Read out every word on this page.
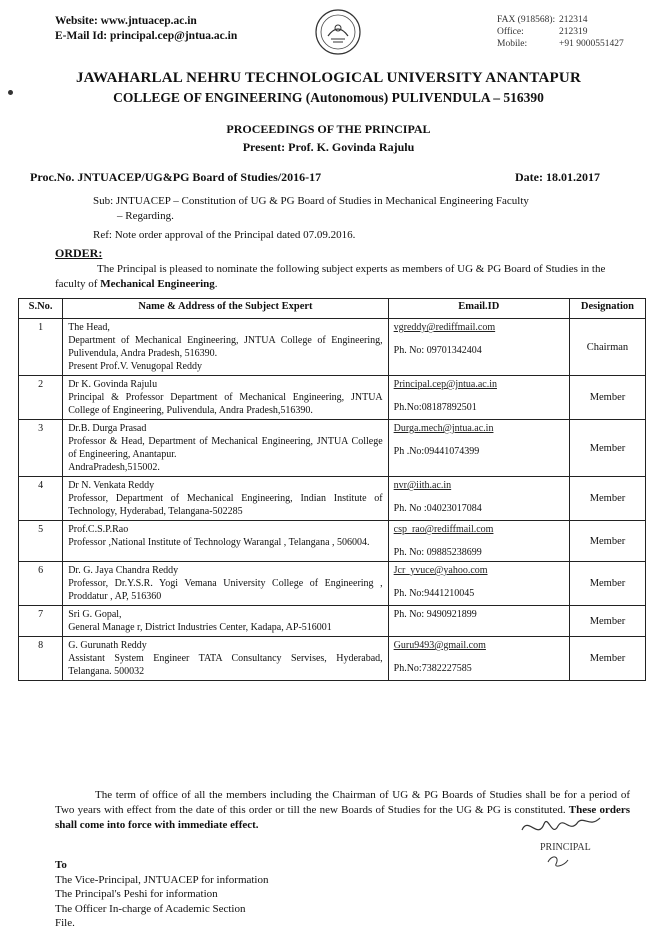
Website: www.jntuacep.ac.in
E-Mail Id: principal.cep@jntua.ac.in
FAX (918568): 212314
Office:	212319
Mobile:	+91 9000551427
JAWAHARLAL NEHRU TECHNOLOGICAL UNIVERSITY ANANTAPUR
COLLEGE OF ENGINEERING (Autonomous) PULIVENDULA – 516390
PROCEEDINGS OF THE PRINCIPAL
Present: Prof. K. Govinda Rajulu
Proc.No. JNTUACEP/UG&PG Board of Studies/2016-17	Date: 18.01.2017
Sub: JNTUACEP – Constitution of UG & PG Board of Studies in Mechanical Engineering Faculty
– Regarding.
Ref: Note order approval of the Principal dated 07.09.2016.
ORDER:
The Principal is pleased to nominate the following subject experts as members of UG & PG Board of Studies in the faculty of Mechanical Engineering.
S.No.	Name & Address of the Subject Expert	Email.ID	Designation
1	The Head,
Department of Mechanical Engineering, JNTUA College of Engineering, Pulivendula, Andra Pradesh, 516390.
Present Prof.V. Venugopal Reddy	vgreddy@rediffmail.com
Ph. No: 09701342404	Chairman
2	Dr K. Govinda Rajulu
Principal & Professor Department of Mechanical Engineering, JNTUA College of Engineering, Pulivendula, Andra Pradesh,516390.	Principal.cep@jntua.ac.in
Ph.No:08187892501	Member
3	Dr.B. Durga Prasad
Professor & Head, Department of Mechanical Engineering, JNTUA College of Engineering, Anantapur.
AndraPradesh,515002.	Durga.mech@jntua.ac.in
Ph .No:09441074399	Member
4	Dr N. Venkata Reddy
Professor, Department of Mechanical Engineering, Indian Institute of Technology, Hyderabad, Telangana-502285	nvr@iith.ac.in
Ph. No :04023017084	Member
5	Prof.C.S.P.Rao
Professor ,National Institute of Technology Warangal , Telangana , 506004.	csp_rao@rediffmail.com
Ph. No: 09885238699	Member
6	Dr. G. Jaya Chandra Reddy
Professor, Dr.Y.S.R. Yogi Vemana University College of Engineering , Proddatur , AP, 516360	Jcr_yvuce@yahoo.com
Ph. No:9441210045	Member
7	Sri G. Gopal,
General Manage r, District Industries Center, Kadapa, AP-516001	Ph. No: 9490921899	Member
8	G. Gurunath Reddy
Assistant System Engineer TATA Consultancy Servises, Hyderabad, Telangana. 500032	Guru9493@gmail.com
Ph.No:7382227585	Member
The term of office of all the members including the Chairman of UG & PG Boards of Studies shall be for a period of Two years with effect from the date of this order or till the new Boards of Studies for the UG & PG is constituted. These orders shall come into force with immediate effect.
PRINCIPAL
To
The Vice-Principal, JNTUACEP for information
The Principal's Peshi for information
The Officer In-charge of Academic Section
File.
